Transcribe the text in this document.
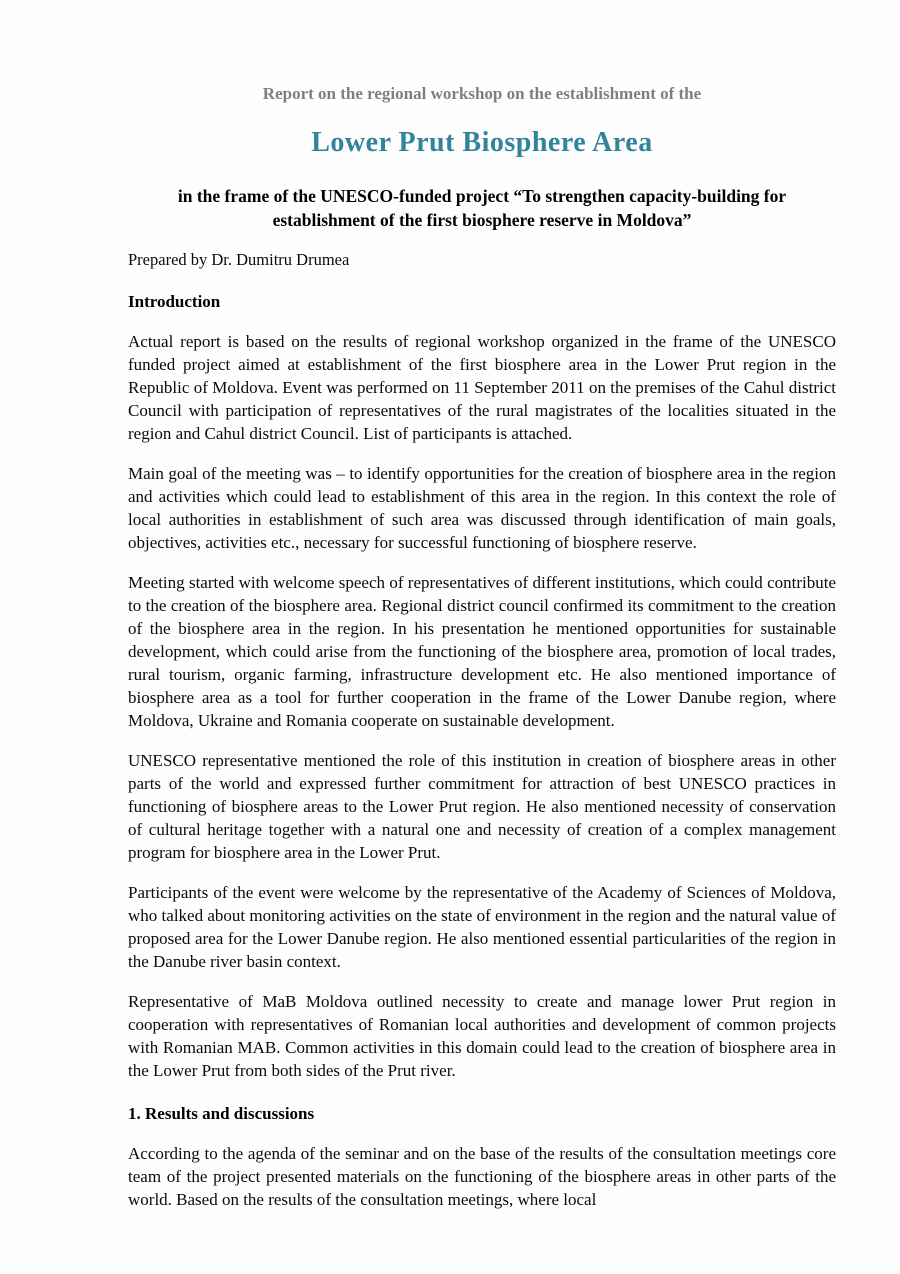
Report on the regional workshop on the establishment of the

Lower Prut Biosphere Area

in the frame of the UNESCO-funded project “To strengthen capacity-building for establishment of the first biosphere reserve in Moldova”

Prepared by Dr. Dumitru Drumea

Introduction

Actual report is based on the results of regional workshop organized in the frame of the UNESCO funded project aimed at establishment of the first biosphere area in the Lower Prut region in the Republic of Moldova. Event was performed on 11 September 2011 on the premises of the Cahul district Council with participation of representatives of the rural magistrates of the localities situated in the region and Cahul district Council. List of participants is attached.

Main goal of the meeting was – to identify opportunities for the creation of biosphere area in the region and activities which could lead to establishment of this area in the region. In this context the role of local authorities in establishment of such area was discussed through identification of main goals, objectives, activities etc., necessary for successful functioning of biosphere reserve.

Meeting started with welcome speech of representatives of different institutions, which could contribute to the creation of the biosphere area. Regional district council confirmed its commitment to the creation of the biosphere area in the region. In his presentation he mentioned opportunities for sustainable development, which could arise from the functioning of the biosphere area, promotion of local trades, rural tourism, organic farming, infrastructure development etc. He also mentioned importance of biosphere area as a tool for further cooperation in the frame of the Lower Danube region, where Moldova, Ukraine and Romania cooperate on sustainable development.

UNESCO representative mentioned the role of this institution in creation of biosphere areas in other parts of the world and expressed further commitment for attraction of best UNESCO practices in functioning of biosphere areas to the Lower Prut region. He also mentioned necessity of conservation of cultural heritage together with a natural one and necessity of creation of a complex management program for biosphere area in the Lower Prut.

Participants of the event were welcome by the representative of the Academy of Sciences of Moldova, who talked about monitoring activities on the state of environment in the region and the natural value of proposed area for the Lower Danube region. He also mentioned essential particularities of the region in the Danube river basin context.

Representative of MaB Moldova outlined necessity to create and manage lower Prut region in cooperation with representatives of Romanian local authorities and development of common projects with Romanian MAB. Common activities in this domain could lead to the creation of biosphere area in the Lower Prut from both sides of the Prut river.

1. Results and discussions

According to the agenda of the seminar and on the base of the results of the consultation meetings core team of the project presented materials on the functioning of the biosphere areas in other parts of the world. Based on the results of the consultation meetings, where local
